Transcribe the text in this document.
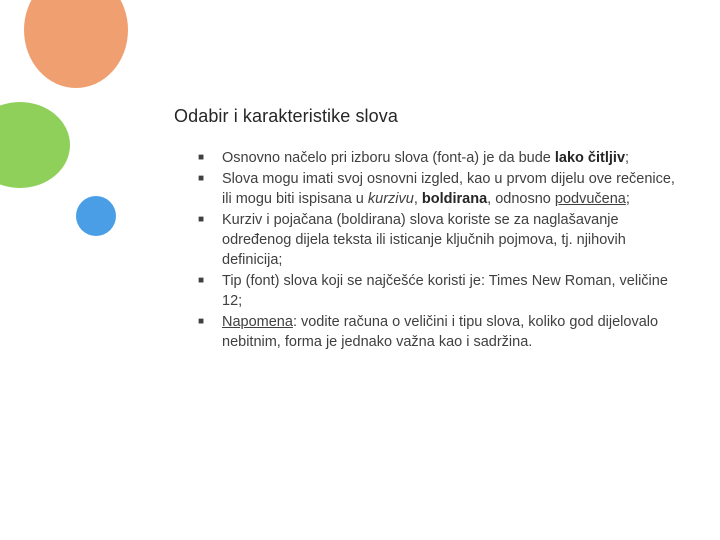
Odabir i karakteristike slova
■ Osnovno načelo pri izboru slova (font-a) je da bude lako čitljiv;
■ Slova mogu imati svoj osnovni izgled, kao u prvom dijelu ove rečenice, ili mogu biti ispisana u kurzivu, boldirana, odnosno podvučena;
■ Kurziv i pojačana (boldirana) slova koriste se za naglašavanje određenog dijela teksta ili isticanje ključnih pojmova, tj. njihovih definicija;
■ Tip (font) slova koji se najčešće koristi je: Times New Roman, veličine 12;
■ Napomena: vodite računa o veličini i tipu slova, koliko god dijelovalo nebitnim, forma je jednako važna kao i sadržina.
